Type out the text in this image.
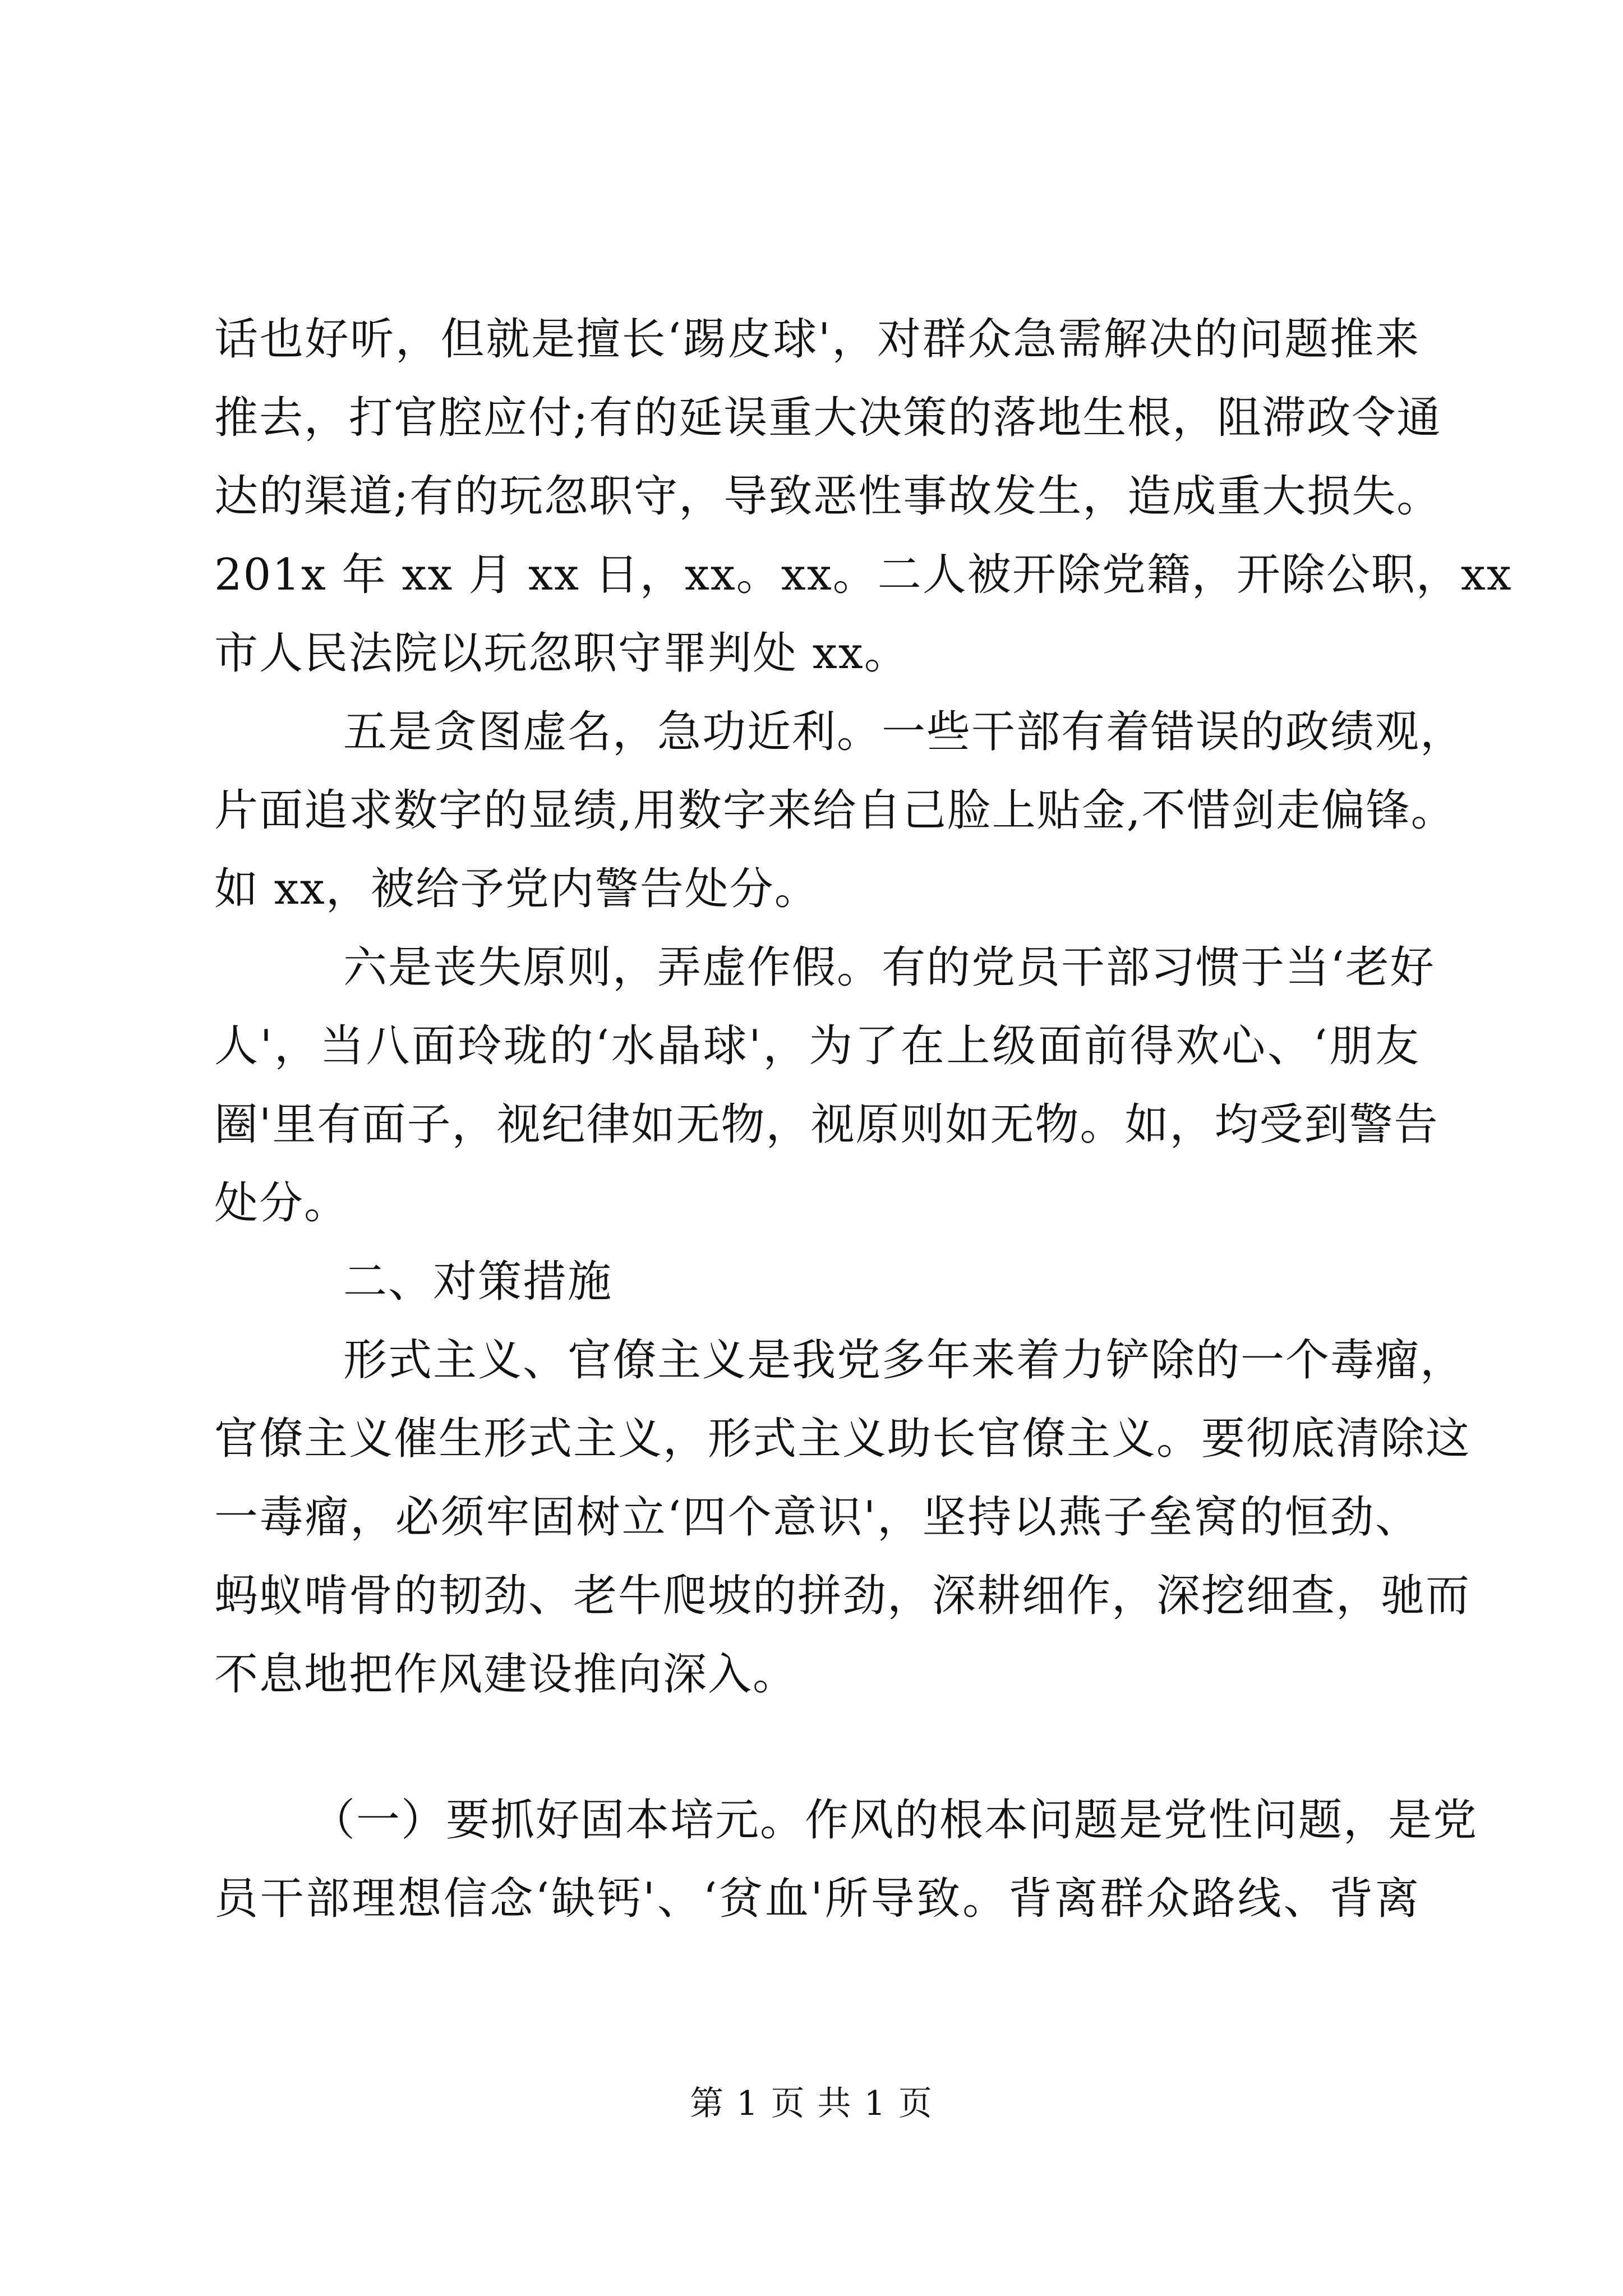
话也好听，但就是擅长‘踢皮球'，对群众急需解决的问题推来
推去，打官腔应付;有的延误重大决策的落地生根，阻滞政令通
达的渠道;有的玩忽职守，导致恶性事故发生，造成重大损失。
201x 年 xx 月 xx 日，xx。xx。二人被开除党籍，开除公职，xx
市人民法院以玩忽职守罪判处 xx。
五是贪图虚名，急功近利。一些干部有着错误的政绩观，
片面追求数字的显绩,用数字来给自己脸上贴金,不惜剑走偏锋。
如 xx，被给予党内警告处分。
六是丧失原则，弄虚作假。有的党员干部习惯于当‘老好
人'，当八面玲珑的‘水晶球'，为了在上级面前得欢心、‘朋友
圈'里有面子，视纪律如无物，视原则如无物。如，均受到警告
处分。
二、对策措施
形式主义、官僚主义是我党多年来着力铲除的一个毒瘤，
官僚主义催生形式主义，形式主义助长官僚主义。要彻底清除这
一毒瘤，必须牢固树立‘四个意识'，坚持以燕子垒窝的恒劲、
蚂蚁啃骨的韧劲、老牛爬坡的拼劲，深耕细作，深挖细查，驰而
不息地把作风建设推向深入。
（一）要抓好固本培元。作风的根本问题是党性问题，是党
员干部理想信念‘缺钙'、‘贫血'所导致。背离群众路线、背离
第 1 页 共 1 页
